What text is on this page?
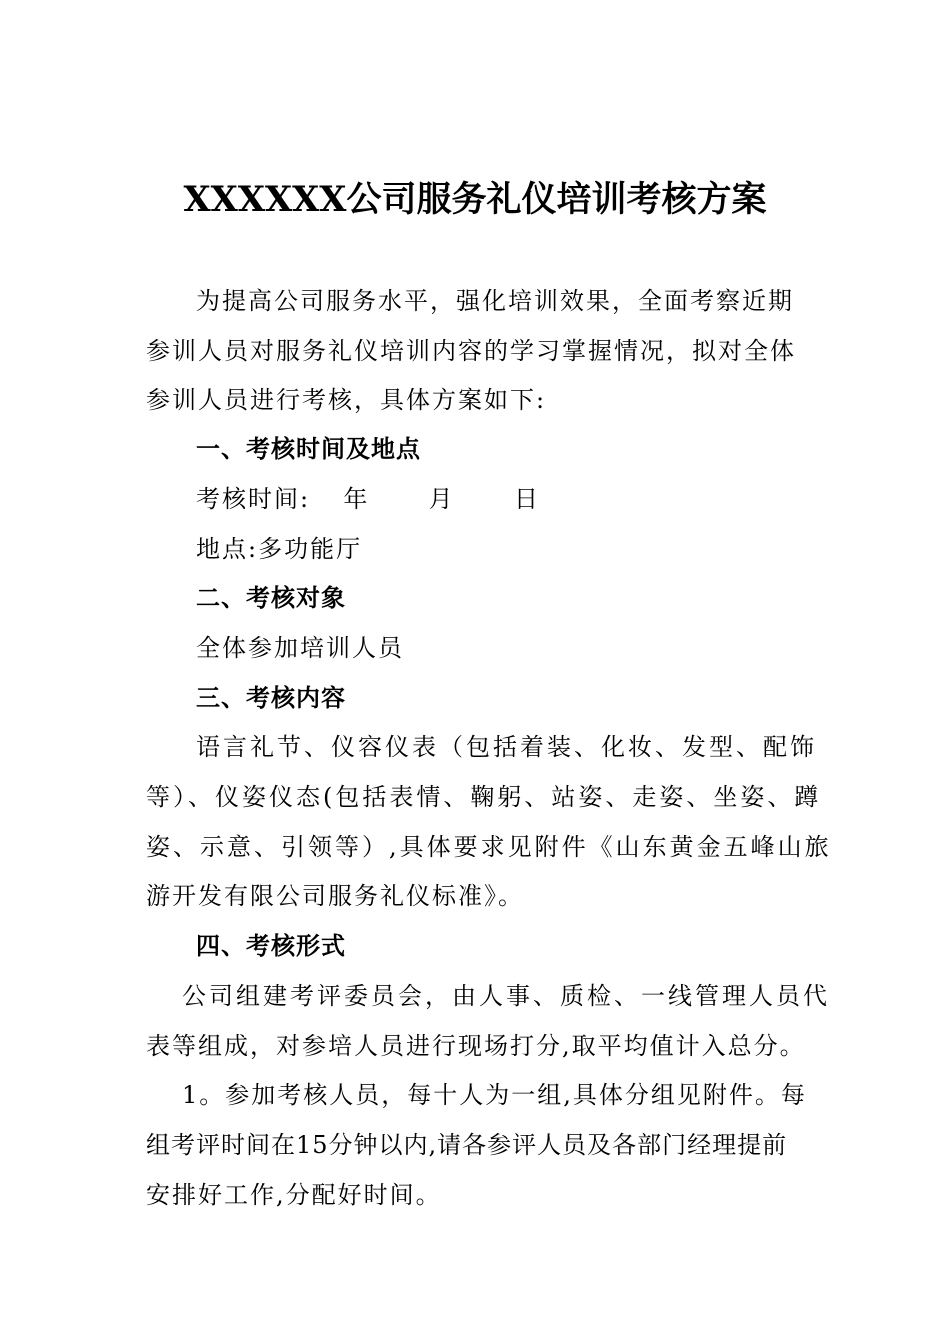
XXXXXX公司服务礼仪培训考核方案
为提高公司服务水平，强化培训效果，全面考察近期
参训人员对服务礼仪培训内容的学习掌握情况，拟对全体
参训人员进行考核，具体方案如下:
一、考核时间及地点
考核时间: 年 月 日
地点:多功能厅
二、考核对象
全体参加培训人员
三、考核内容
语言礼节、仪容仪表（包括着装、化妆、发型、配饰
等）、仪姿仪态(包括表情、鞠躬、站姿、走姿、坐姿、蹲
姿、示意、引领等）,具体要求见附件《山东黄金五峰山旅
游开发有限公司服务礼仪标准》。
四、考核形式
公司组建考评委员会，由人事、质检、一线管理人员代
表等组成，对参培人员进行现场打分,取平均值计入总分。
1。参加考核人员，每十人为一组,具体分组见附件。每
组考评时间在15分钟以内,请各参评人员及各部门经理提前
安排好工作,分配好时间。
